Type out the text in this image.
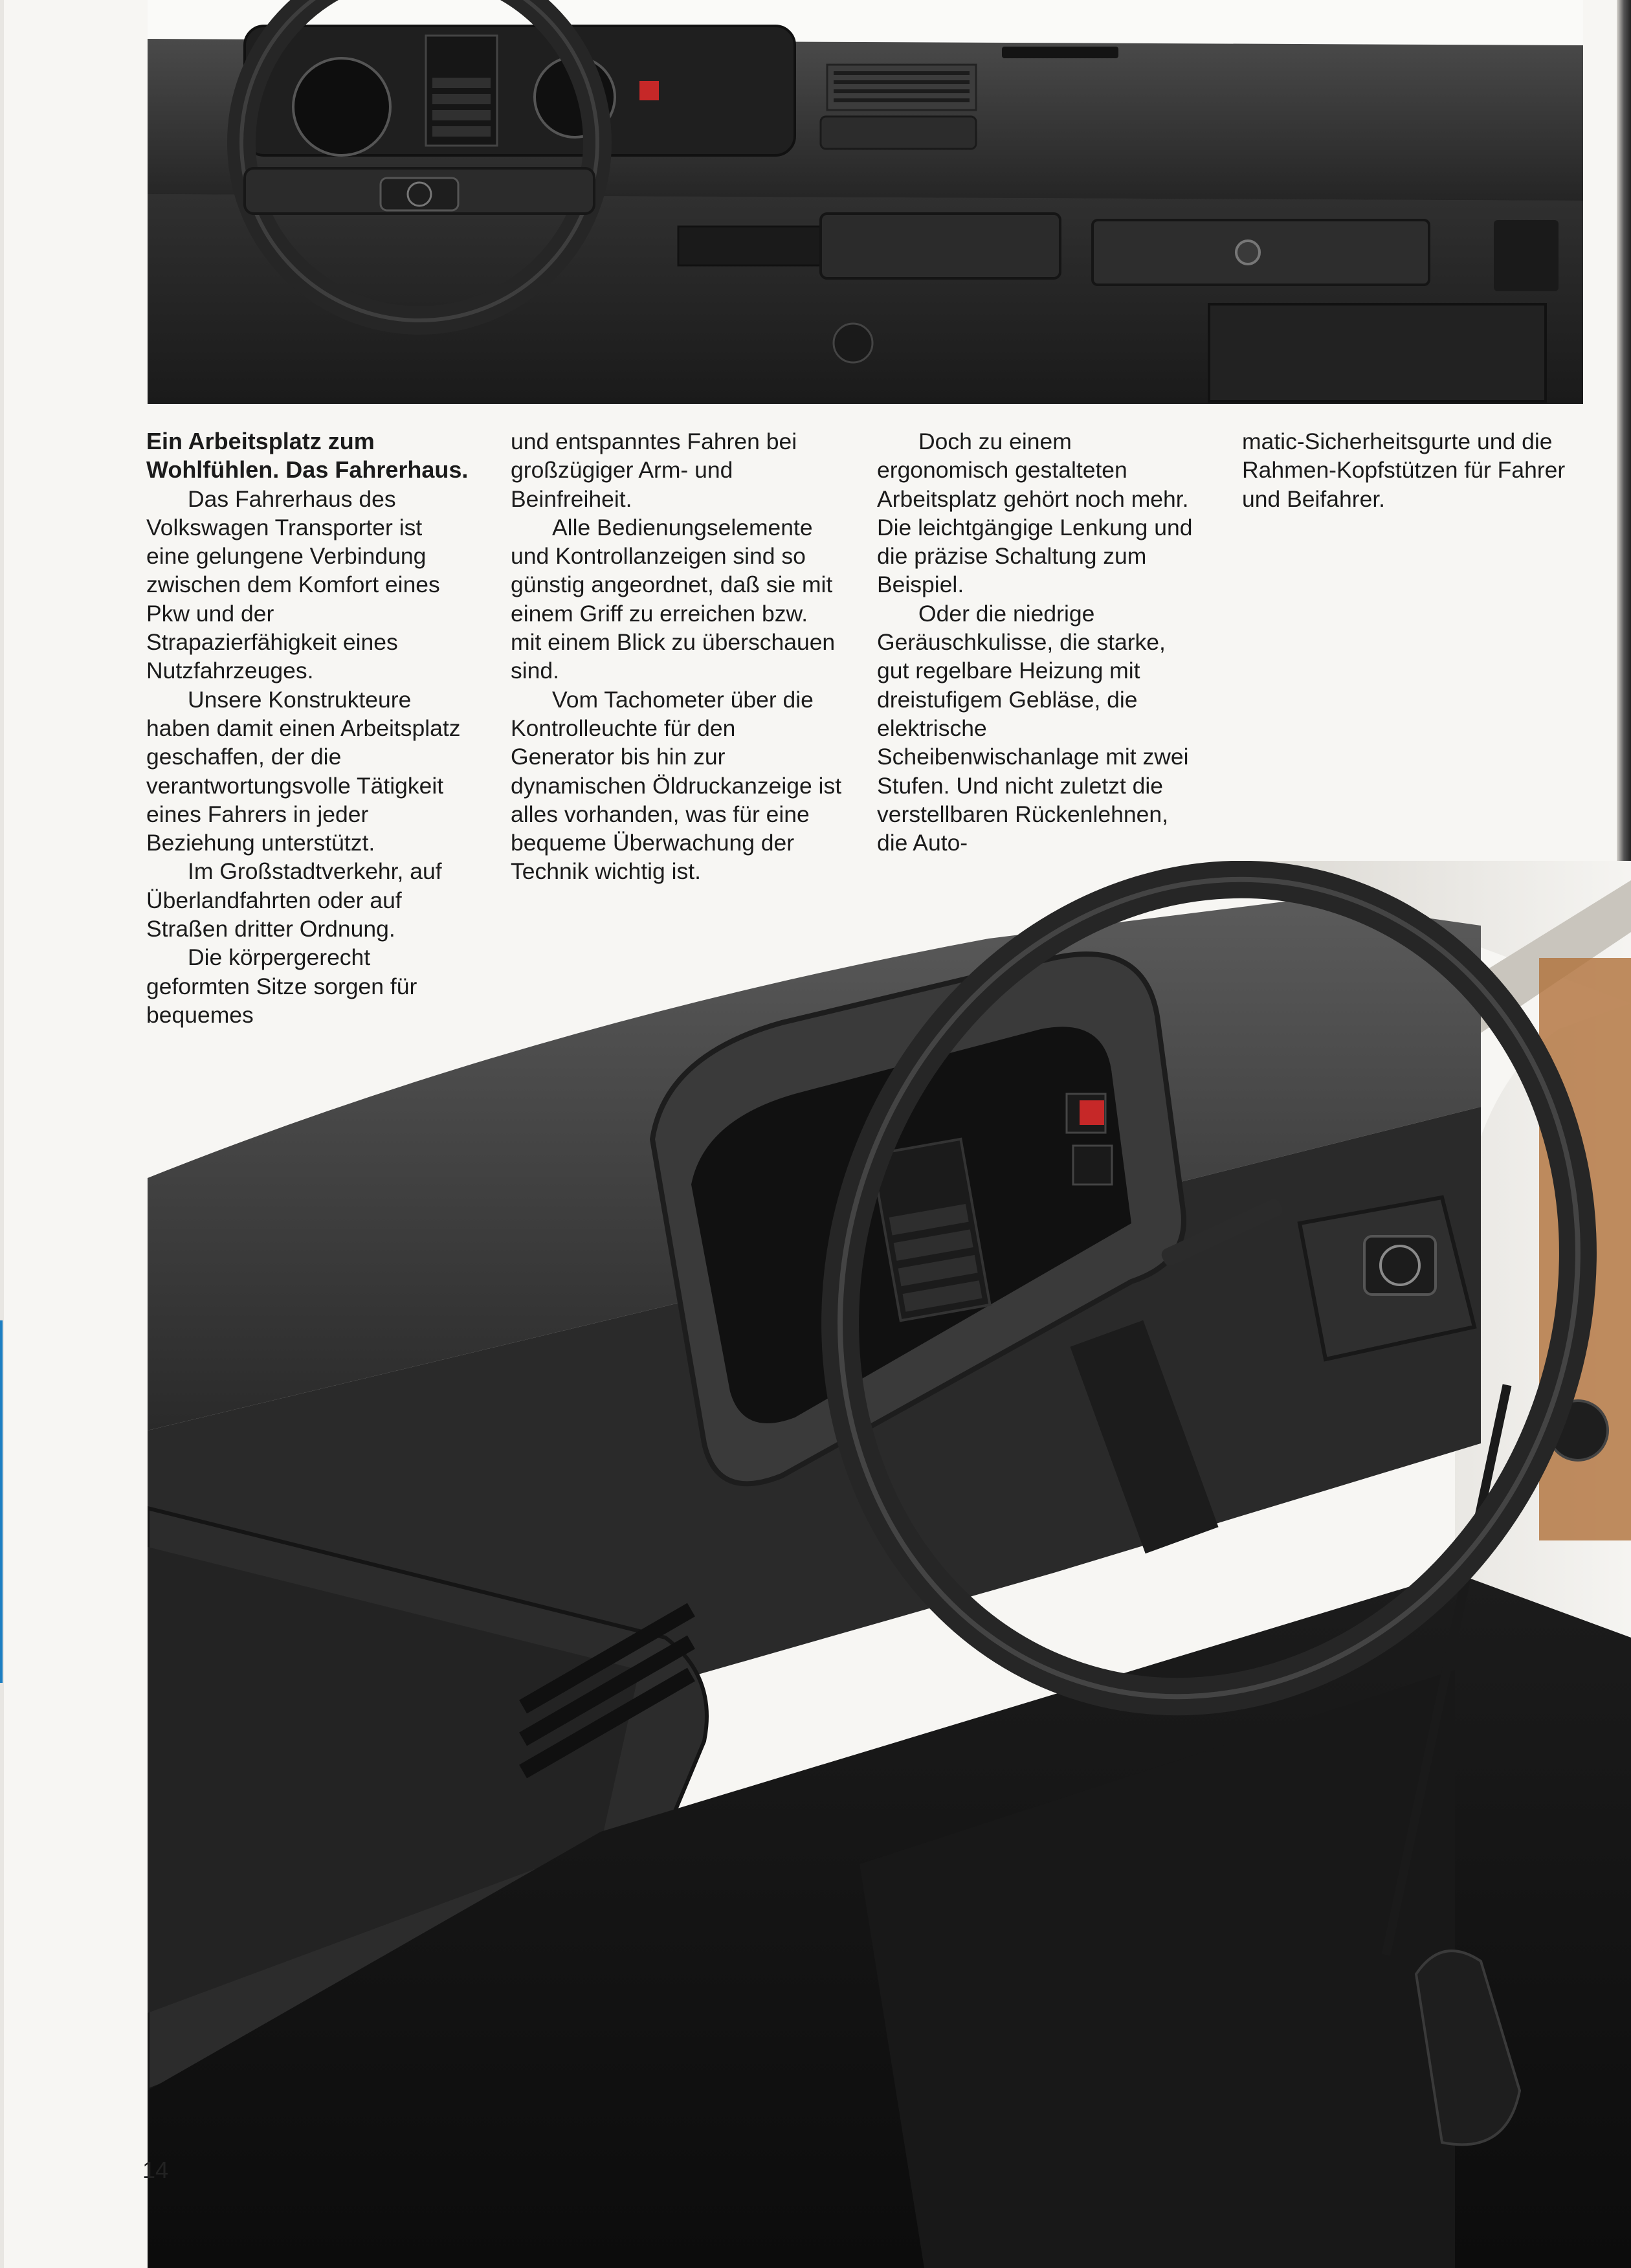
Ein Arbeitsplatz zum

Wohlfühlen. Das Fahrerhaus.

Das Fahrerhaus des Volkswagen Transporter ist eine gelungene Verbindung zwischen dem Komfort eines Pkw und der Strapazierfähigkeit eines Nutzfahrzeuges.

Unsere Konstrukteure haben damit einen Arbeitsplatz geschaffen, der die verantwortungsvolle Tätigkeit eines Fahrers in jeder Beziehung unterstützt.

Im Großstadtverkehr, auf Überlandfahrten oder auf Straßen dritter Ordnung.

Die körpergerecht geformten Sitze sorgen für bequemes

und entspanntes Fahren bei großzügiger Arm- und Beinfreiheit.

Alle Bedienungselemente und Kontrollanzeigen sind so günstig angeordnet, daß sie mit einem Griff zu erreichen bzw. mit einem Blick zu überschauen sind.

Vom Tachometer über die Kontrolleuchte für den Generator bis hin zur dynamischen Öldruckanzeige ist alles vorhanden, was für eine bequeme Überwachung der Technik wichtig ist.

Doch zu einem ergonomisch gestalteten Arbeitsplatz gehört noch mehr. Die leichtgängige Lenkung und die präzise Schaltung zum Beispiel.

Oder die niedrige Geräuschkulisse, die starke, gut regelbare Heizung mit dreistufigem Gebläse, die elektrische Scheibenwischanlage mit zwei Stufen. Und nicht zuletzt die verstellbaren Rückenlehnen, die Auto-

matic-Sicherheitsgurte und die Rahmen-Kopfstützen für Fahrer und Beifahrer.

14
